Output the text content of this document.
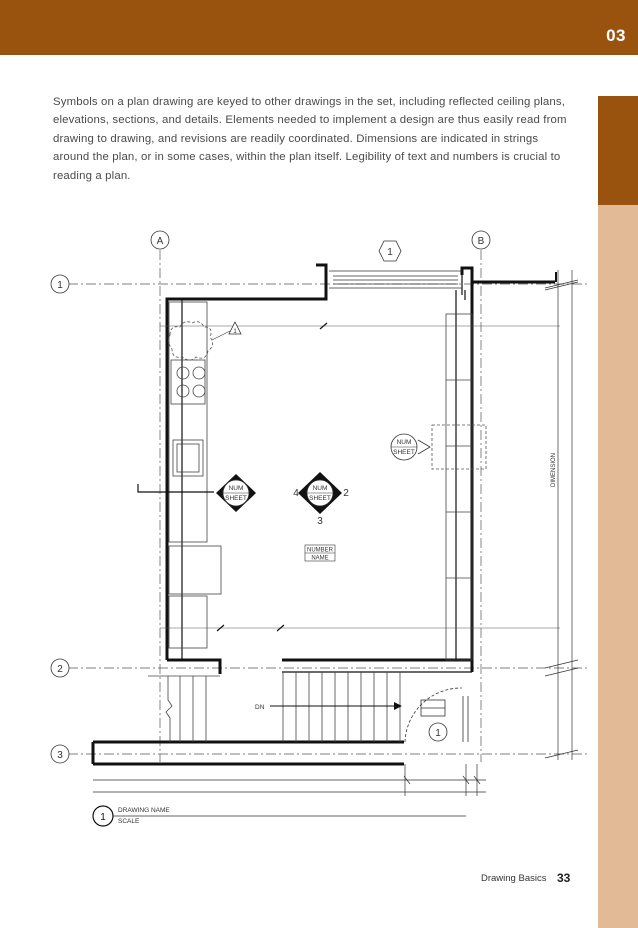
03
Symbols on a plan drawing are keyed to other drawings in the set, including reflected ceiling plans, elevations, sections, and details. Elements needed to implement a design are thus easily read from drawing to drawing, and revisions are readily coordinated. Dimensions are indicated in strings around the plan, or in some cases, within the plan itself. Legibility of text and numbers is crucial to reading a plan.
A	B
1
2
3
1
1
NUM
SHEET
NUM
SHEET
4	2
3
NUM
SHEET
NUMBER
NAME
DIMENSION
DN
1
1
DRAWING NAME
SCALE
Drawing Basics 33
